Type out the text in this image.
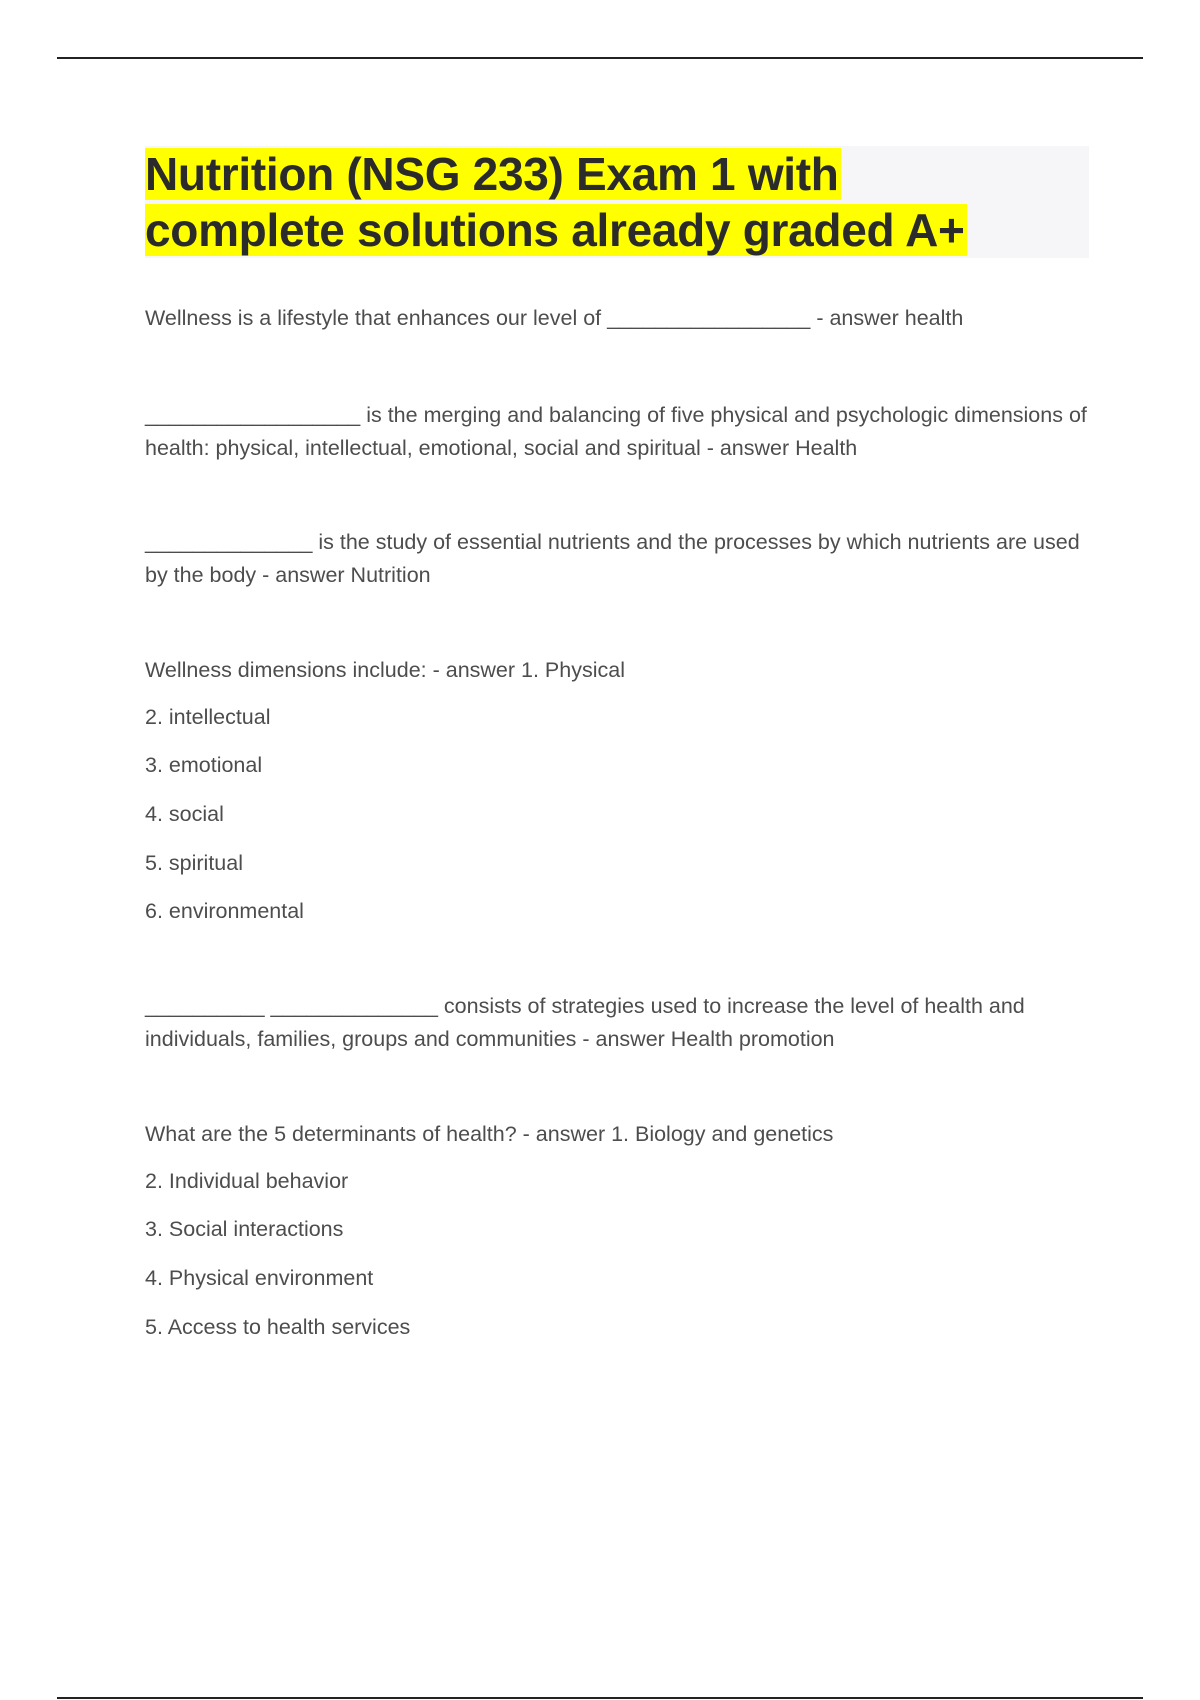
Nutrition (NSG 233) Exam 1 with
complete solutions already graded A+

Wellness is a lifestyle that enhances our level of _________________ - answer health

__________________ is the merging and balancing of five physical and psychologic dimensions of health: physical, intellectual, emotional, social and spiritual - answer Health

______________ is the study of essential nutrients and the processes by which nutrients are used by the body - answer Nutrition

Wellness dimensions include: - answer 1. Physical

2. intellectual

3. emotional

4. social

5. spiritual

6. environmental

__________ ______________ consists of strategies used to increase the level of health and individuals, families, groups and communities - answer Health promotion

What are the 5 determinants of health? - answer 1. Biology and genetics

2. Individual behavior

3. Social interactions

4. Physical environment

5. Access to health services
